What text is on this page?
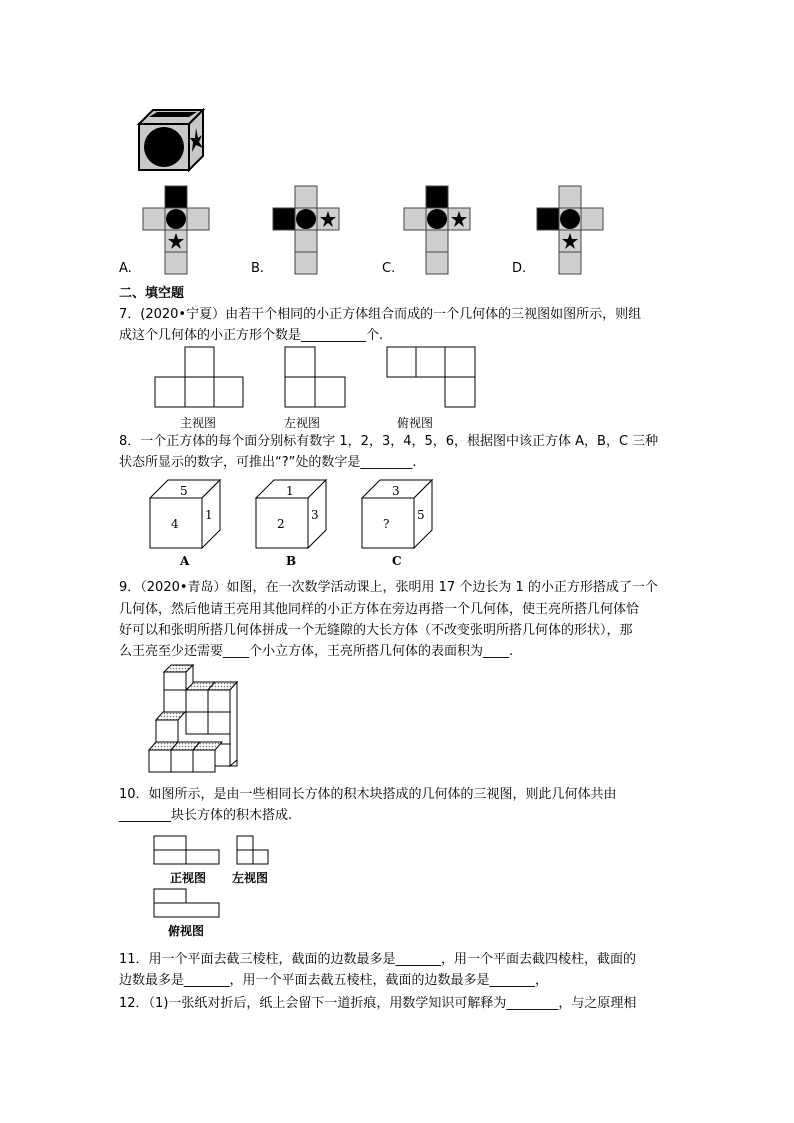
A.	B.	C.	D.
二、填空题
7．(2020•宁夏）由若干个相同的小正方体组合而成的一个几何体的三视图如图所示，则组
成这个几何体的小正方形个数是__________个.
主视图	左视图	俯视图
8．一个正方体的每个面分别标有数字 1，2，3，4，5，6，根据图中该正方体 A，B，C 三种
状态所显示的数字，可推出“?”处的数字是________.
5
4
1
A
1
2
3
B
3
?
5
C
9．（2020•青岛）如图，在一次数学活动课上，张明用 17 个边长为 1 的小正方形搭成了一个
几何体，然后他请王亮用其他同样的小正方体在旁边再搭一个几何体，使王亮所搭几何体恰
好可以和张明所搭几何体拼成一个无缝隙的大长方体（不改变张明所搭几何体的形状），那
么王亮至少还需要____个小立方体，王亮所搭几何体的表面积为____.
10．如图所示，是由一些相同长方体的积木块搭成的几何体的三视图，则此几何体共由
________块长方体的积木搭成.
正视图 左视图
俯视图
11．用一个平面去截三棱柱，截面的边数最多是_______，用一个平面去截四棱柱，截面的
边数最多是_______，用一个平面去截五棱柱，截面的边数最多是_______，
12．（1)一张纸对折后，纸上会留下一道折痕，用数学知识可解释为________，与之原理相
